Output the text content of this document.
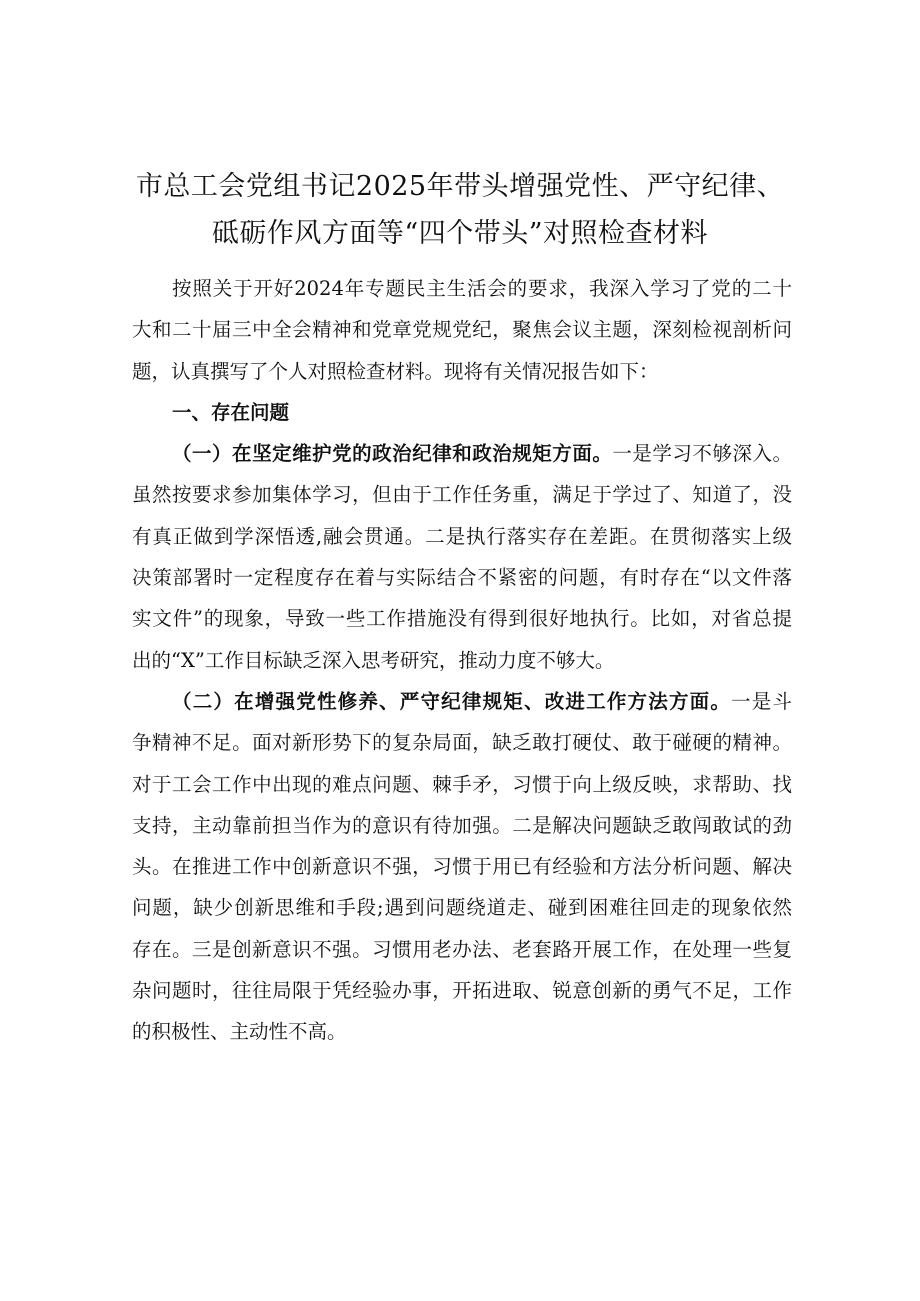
市总工会党组书记2025年带头增强党性、严守纪律、
砥砺作风方面等“四个带头”对照检查材料
按照关于开好2024年专题民主生活会的要求，我深入学习了党的二十
大和二十届三中全会精神和党章党规党纪，聚焦会议主题，深刻检视剖析问
题，认真撰写了个人对照检查材料。现将有关情况报告如下：
一、存在问题
（一）在坚定维护党的政治纪律和政治规矩方面。一是学习不够深入。
虽然按要求参加集体学习，但由于工作任务重，满足于学过了、知道了，没
有真正做到学深悟透,融会贯通。二是执行落实存在差距。在贯彻落实上级
决策部署时一定程度存在着与实际结合不紧密的问题，有时存在“以文件落
实文件”的现象，导致一些工作措施没有得到很好地执行。比如，对省总提
出的“X”工作目标缺乏深入思考研究，推动力度不够大。
（二）在增强党性修养、严守纪律规矩、改进工作方法方面。一是斗
争精神不足。面对新形势下的复杂局面，缺乏敢打硬仗、敢于碰硬的精神。
对于工会工作中出现的难点问题、棘手矛，习惯于向上级反映，求帮助、找
支持，主动靠前担当作为的意识有待加强。二是解决问题缺乏敢闯敢试的劲
头。在推进工作中创新意识不强，习惯于用已有经验和方法分析问题、解决
问题，缺少创新思维和手段;遇到问题绕道走、碰到困难往回走的现象依然
存在。三是创新意识不强。习惯用老办法、老套路开展工作，在处理一些复
杂问题时，往往局限于凭经验办事，开拓进取、锐意创新的勇气不足，工作
的积极性、主动性不高。
